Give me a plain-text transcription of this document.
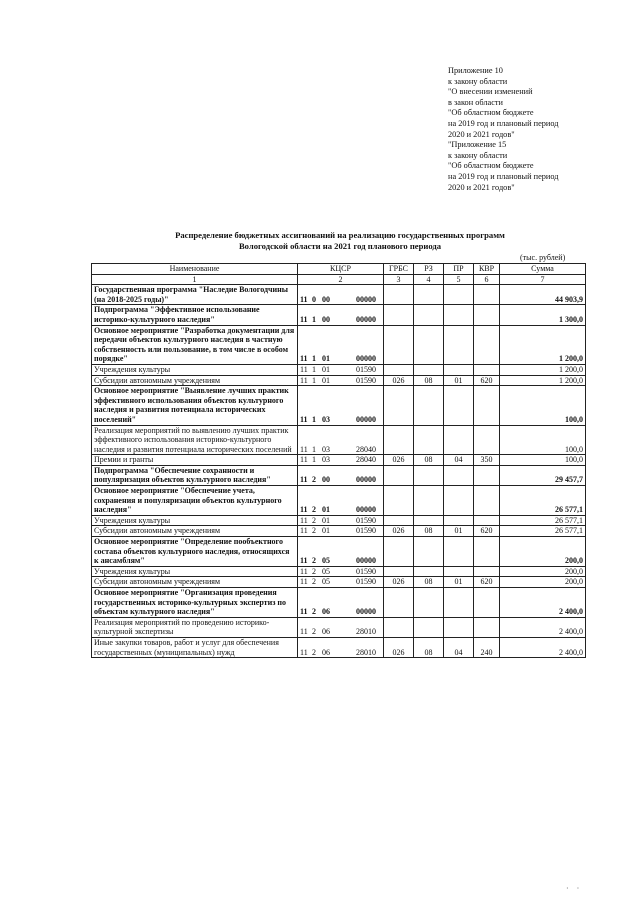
Приложение 10
к закону области
"О внесении изменений
в закон области
"Об областном бюджете
на 2019 год и плановый период
2020 и 2021 годов"
"Приложение 15
к закону области
"Об областном бюджете
на 2019 год и плановый период
2020 и 2021 годов"
Распределение бюджетных ассигнований на реализацию государственных программ
Вологодской области на 2021 год планового периода
(тыс. рублей)
Наименование	КЦСР	ГРБС	РЗ	ПР	КВР	Сумма
1	2	3	4	5	6	7
Государственная программа "Наследие Вологодчины (на 2018-2025 годы)"	11 0 00 00000					44 903,9
Подпрограмма "Эффективное использование историко-культурного наследия"	11 1 00 00000					1 300,0
Основное мероприятие "Разработка документации для передачи объектов культурного наследия в частную собственность или пользование, в том числе в особом порядке"	11 1 01 00000					1 200,0
Учреждения культуры	11 1 01 01590					1 200,0
Субсидии автономным учреждениям	11 1 01 01590	026	08	01	620	1 200,0
Основное мероприятие "Выявление лучших практик эффективного использования объектов культурного наследия и развития потенциала исторических поселений"	11 1 03 00000					100,0
Реализация мероприятий по выявлению лучших практик эффективного использования историко-культурного наследия и развития потенциала исторических поселений	11 1 03 28040					100,0
Премии и гранты	11 1 03 28040	026	08	04	350	100,0
Подпрограмма "Обеспечение сохранности и популяризация объектов культурного наследия"	11 2 00 00000					29 457,7
Основное мероприятие "Обеспечение учета, сохранения и популяризации объектов культурного наследия"	11 2 01 00000					26 577,1
Учреждения культуры	11 2 01 01590					26 577,1
Субсидии автономным учреждениям	11 2 01 01590	026	08	01	620	26 577,1
Основное мероприятие "Определение пообъектного состава объектов культурного наследия, относящихся к ансамблям"	11 2 05 00000					200,0
Учреждения культуры	11 2 05 01590					200,0
Субсидии автономным учреждениям	11 2 05 01590	026	08	01	620	200,0
Основное мероприятие "Организация проведения государственных историко-культурных экспертиз по объектам культурного наследия"	11 2 06 00000					2 400,0
Реализация мероприятий по проведению историко-культурной экспертизы	11 2 06 28010					2 400,0
Иные закупки товаров, работ и услуг для обеспечения государственных (муниципальных) нужд	11 2 06 28010	026	08	04	240	2 400,0
· ·
